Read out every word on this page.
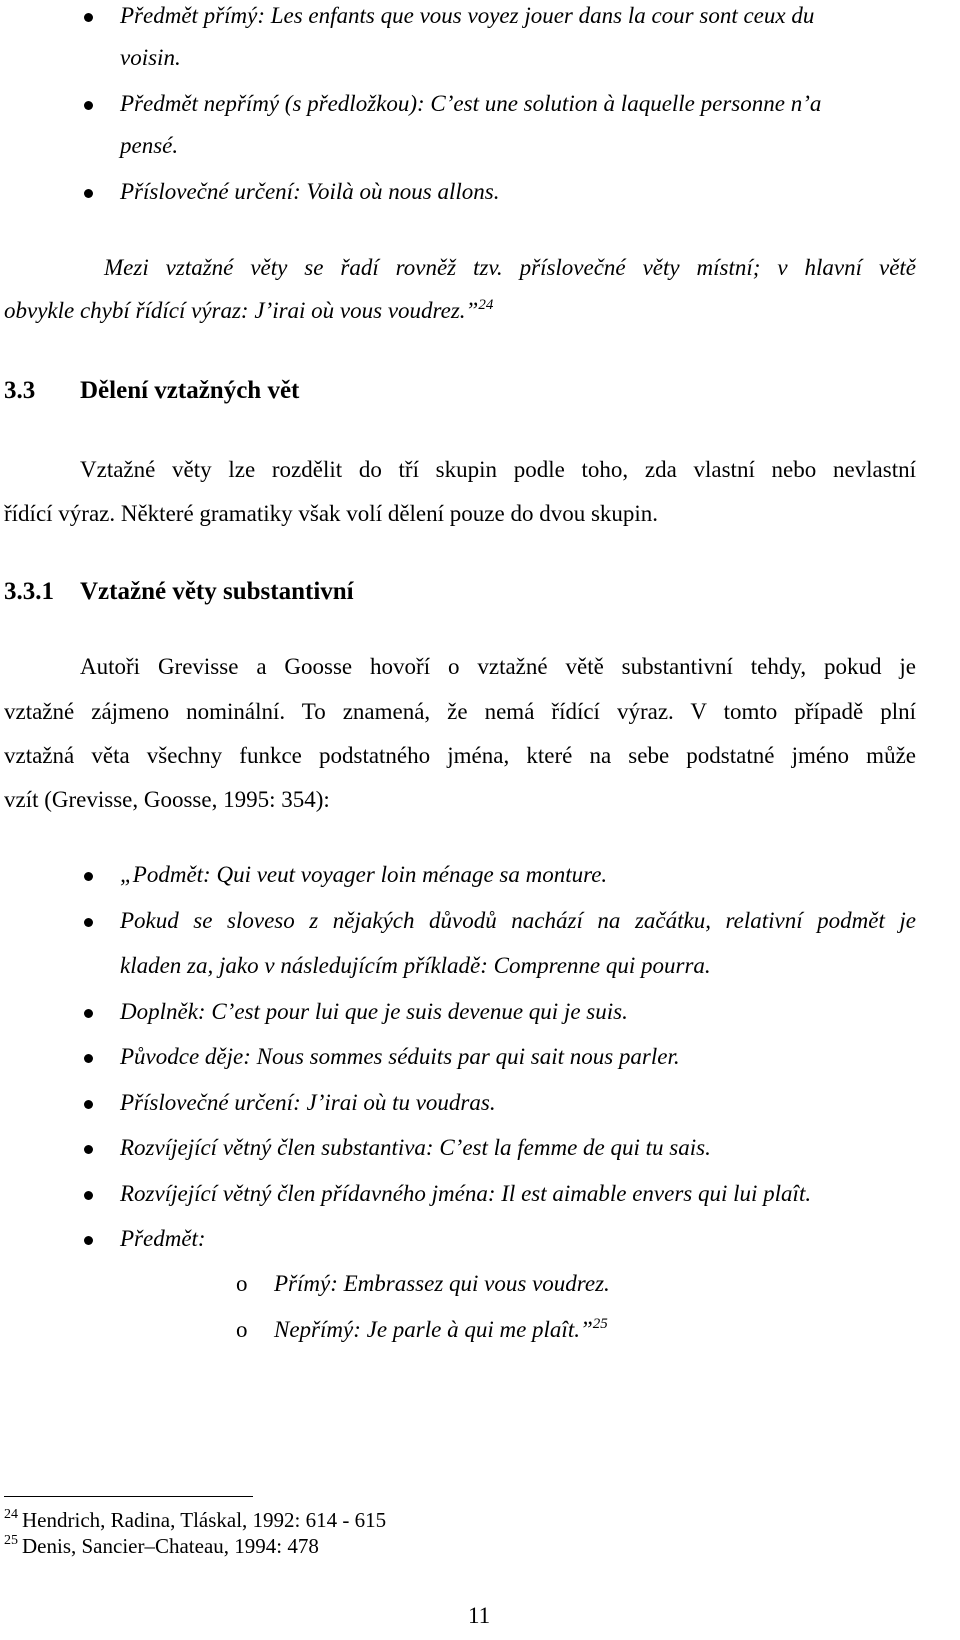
Předmět přímý: Les enfants que vous voyez jouer dans la cour sont ceux du
voisin.
Předmět nepřímý (s předložkou): C’est une solution à laquelle personne n’a
pensé.
Příslovečné určení: Voilà où nous allons.
Mezi vztažné věty se řadí rovněž tzv. příslovečné věty místní; v hlavní větě
obvykle chybí řídící výraz: J’irai où vous voudrez.”$^{24}$
3.3 Dělení vztažných vět
Vztažné věty lze rozdělit do tří skupin podle toho, zda vlastní nebo nevlastní
řídící výraz. Některé gramatiky však volí dělení pouze do dvou skupin.
3.3.1 Vztažné věty substantivní
Autoři Grevisse a Goosse hovoří o vztažné větě substantivní tehdy, pokud je
vztažné zájmeno nominální. To znamená, že nemá řídící výraz. V tomto případě plní
vztažná věta všechny funkce podstatného jména, které na sebe podstatné jméno může
vzít (Grevisse, Goosse, 1995: 354):
„Podmět: Qui veut voyager loin ménage sa monture.
Pokud se sloveso z nějakých důvodů nachází na začátku, relativní podmět je
kladen za, jako v následujícím příkladě: Comprenne qui pourra.
Doplněk: C’est pour lui que je suis devenue qui je suis.
Původce děje: Nous sommes séduits par qui sait nous parler.
Příslovečné určení: J’irai où tu voudras.
Rozvíjející větný člen substantiva: C’est la femme de qui tu sais.
Rozvíjející větný člen přídavného jména: Il est aimable envers qui lui plaît.
Předmět:
o Přímý: Embrassez qui vous voudrez.
o Nepřímý: Je parle à qui me plaît.”$^{25}$
$^{24}$ Hendrich, Radina, Tláskal, 1992: 614 - 615
$^{25}$ Denis, Sancier–Chateau, 1994: 478
11
